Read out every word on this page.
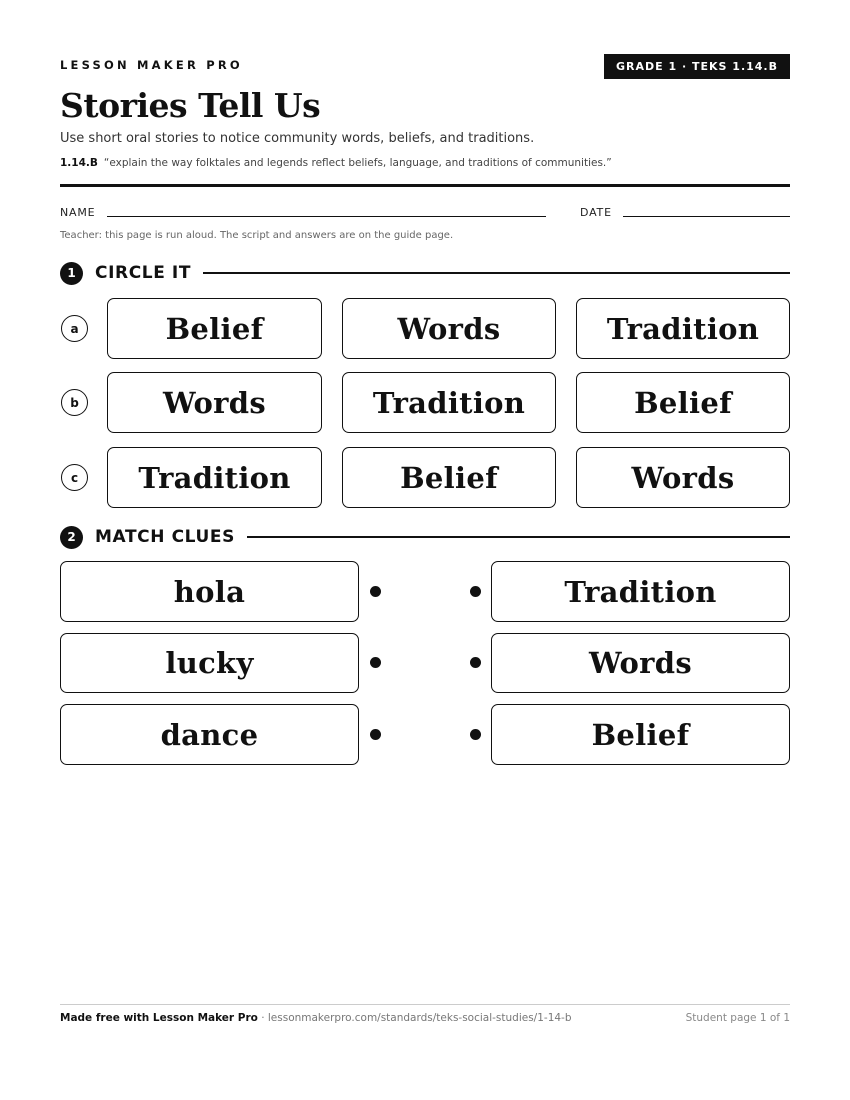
LESSON MAKER PRO	GRADE 1 · TEKS 1.14.B
Stories Tell Us
Use short oral stories to notice community words, beliefs, and traditions.
1.14.B “explain the way folktales and legends reflect beliefs, language, and traditions of communities.”
NAME	DATE
Teacher: this page is run aloud. The script and answers are on the guide page.
1	CIRCLE IT
a	Belief	Words	Tradition
b	Words	Tradition	Belief
c	Tradition	Belief	Words
2	MATCH CLUES
hola	Tradition
lucky	Words
dance	Belief
Made free with Lesson Maker Pro · lessonmakerpro.com/standards/teks-social-studies/1-14-b	Student page 1 of 1
